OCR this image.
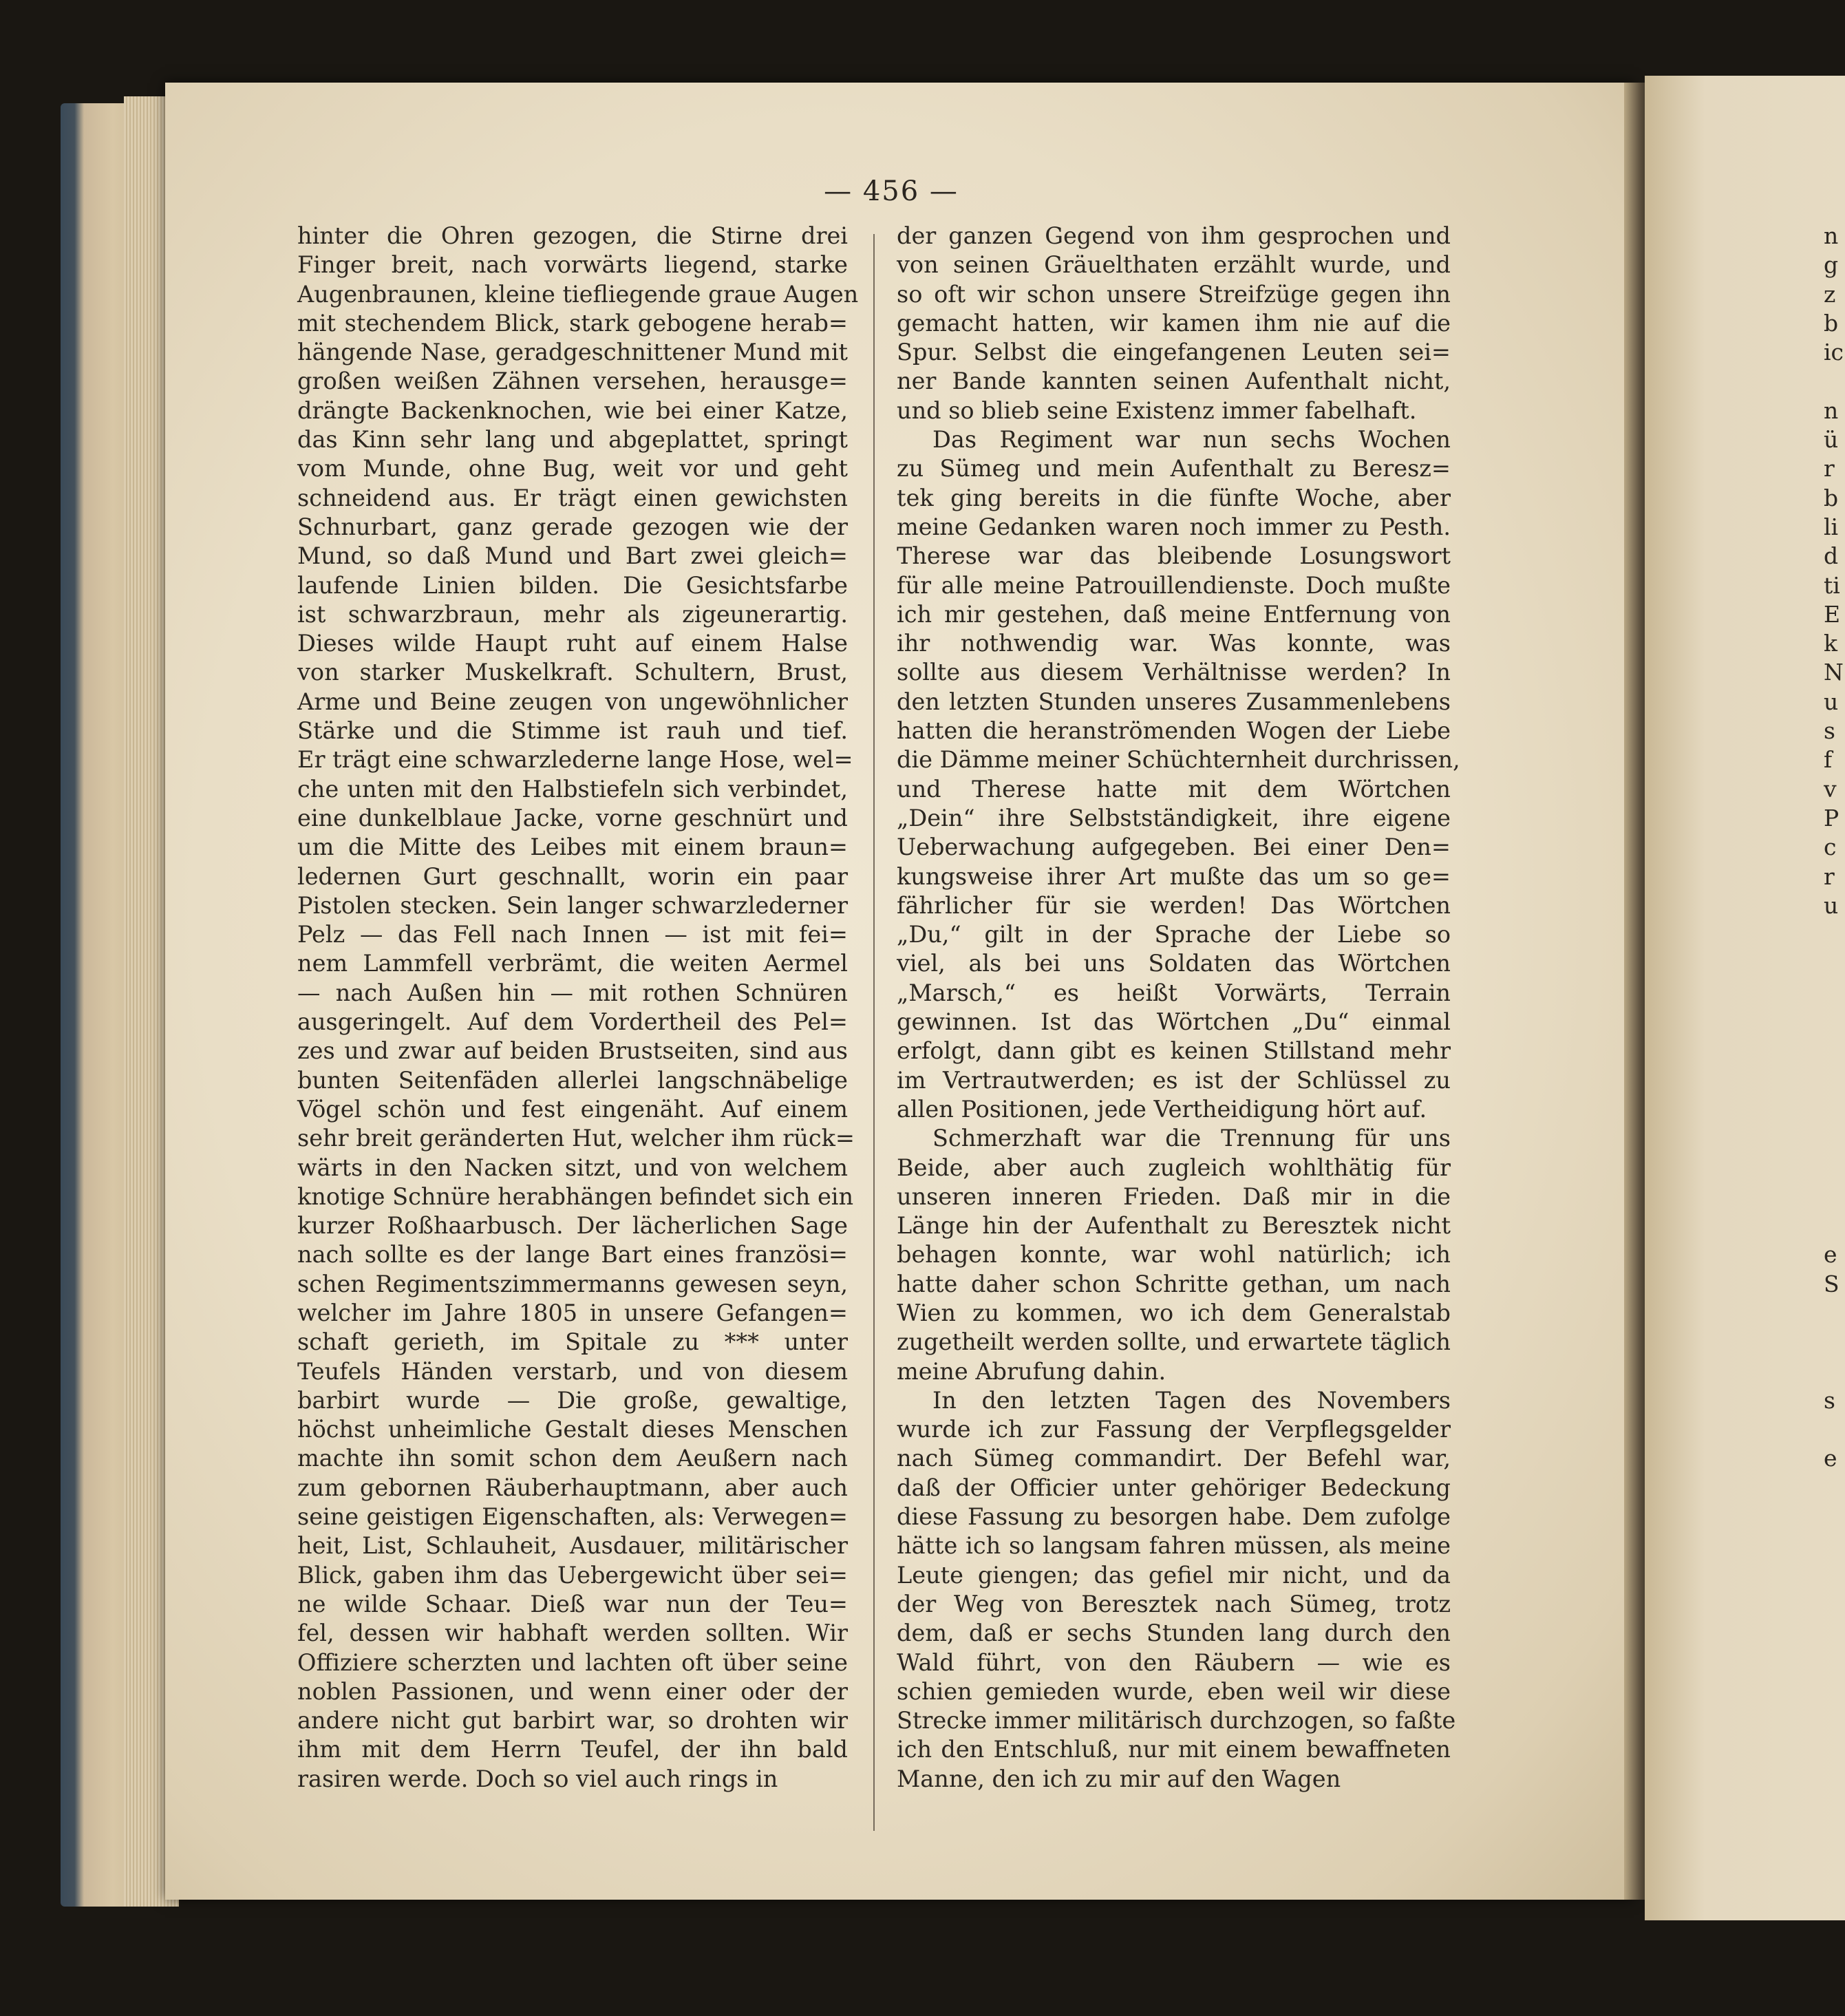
— 456 —
hinter die Ohren gezogen, die Stirne drei
Finger breit, nach vorwärts liegend, starke
Augenbraunen, kleine tiefliegende graue Augen
mit stechendem Blick, stark gebogene herab=
hängende Nase, geradgeschnittener Mund mit
großen weißen Zähnen versehen, herausge=
drängte Backenknochen, wie bei einer Katze,
das Kinn sehr lang und abgeplattet, springt
vom Munde, ohne Bug, weit vor und geht
schneidend aus. Er trägt einen gewichsten
Schnurbart, ganz gerade gezogen wie der
Mund, so daß Mund und Bart zwei gleich=
laufende Linien bilden. Die Gesichtsfarbe
ist schwarzbraun, mehr als zigeunerartig.
Dieses wilde Haupt ruht auf einem Halse
von starker Muskelkraft. Schultern, Brust,
Arme und Beine zeugen von ungewöhnlicher
Stärke und die Stimme ist rauh und tief.
Er trägt eine schwarzlederne lange Hose, wel=
che unten mit den Halbstiefeln sich verbindet,
eine dunkelblaue Jacke, vorne geschnürt und
um die Mitte des Leibes mit einem braun=
ledernen Gurt geschnallt, worin ein paar
Pistolen stecken. Sein langer schwarzlederner
Pelz — das Fell nach Innen — ist mit fei=
nem Lammfell verbrämt, die weiten Aermel
— nach Außen hin — mit rothen Schnüren
ausgeringelt. Auf dem Vordertheil des Pel=
zes und zwar auf beiden Brustseiten, sind aus
bunten Seitenfäden allerlei langschnäbelige
Vögel schön und fest eingenäht. Auf einem
sehr breit geränderten Hut, welcher ihm rück=
wärts in den Nacken sitzt, und von welchem
knotige Schnüre herabhängen befindet sich ein
kurzer Roßhaarbusch. Der lächerlichen Sage
nach sollte es der lange Bart eines französi=
schen Regimentszimmermanns gewesen seyn,
welcher im Jahre 1805 in unsere Gefangen=
schaft gerieth, im Spitale zu *** unter
Teufels Händen verstarb, und von diesem
barbirt wurde — Die große, gewaltige,
höchst unheimliche Gestalt dieses Menschen
machte ihn somit schon dem Aeußern nach
zum gebornen Räuberhauptmann, aber auch
seine geistigen Eigenschaften, als: Verwegen=
heit, List, Schlauheit, Ausdauer, militärischer
Blick, gaben ihm das Uebergewicht über sei=
ne wilde Schaar. Dieß war nun der Teu=
fel, dessen wir habhaft werden sollten. Wir
Offiziere scherzten und lachten oft über seine
noblen Passionen, und wenn einer oder der
andere nicht gut barbirt war, so drohten wir
ihm mit dem Herrn Teufel, der ihn bald
rasiren werde. Doch so viel auch rings in
der ganzen Gegend von ihm gesprochen und
von seinen Gräuelthaten erzählt wurde, und
so oft wir schon unsere Streifzüge gegen ihn
gemacht hatten, wir kamen ihm nie auf die
Spur. Selbst die eingefangenen Leuten sei=
ner Bande kannten seinen Aufenthalt nicht,
und so blieb seine Existenz immer fabelhaft.
Das Regiment war nun sechs Wochen
zu Sümeg und mein Aufenthalt zu Beresz=
tek ging bereits in die fünfte Woche, aber
meine Gedanken waren noch immer zu Pesth.
Therese war das bleibende Losungswort
für alle meine Patrouillendienste. Doch mußte
ich mir gestehen, daß meine Entfernung von
ihr nothwendig war. Was konnte, was
sollte aus diesem Verhältnisse werden? In
den letzten Stunden unseres Zusammenlebens
hatten die heranströmenden Wogen der Liebe
die Dämme meiner Schüchternheit durchrissen,
und Therese hatte mit dem Wörtchen
„Dein“ ihre Selbstständigkeit, ihre eigene
Ueberwachung aufgegeben. Bei einer Den=
kungsweise ihrer Art mußte das um so ge=
fährlicher für sie werden! Das Wörtchen
„Du,“ gilt in der Sprache der Liebe so
viel, als bei uns Soldaten das Wörtchen
„Marsch,“ es heißt Vorwärts, Terrain
gewinnen. Ist das Wörtchen „Du“ einmal
erfolgt, dann gibt es keinen Stillstand mehr
im Vertrautwerden; es ist der Schlüssel zu
allen Positionen, jede Vertheidigung hört auf.
Schmerzhaft war die Trennung für uns
Beide, aber auch zugleich wohlthätig für
unseren inneren Frieden. Daß mir in die
Länge hin der Aufenthalt zu Beresztek nicht
behagen konnte, war wohl natürlich; ich
hatte daher schon Schritte gethan, um nach
Wien zu kommen, wo ich dem Generalstab
zugetheilt werden sollte, und erwartete täglich
meine Abrufung dahin.
In den letzten Tagen des Novembers
wurde ich zur Fassung der Verpflegsgelder
nach Sümeg commandirt. Der Befehl war,
daß der Officier unter gehöriger Bedeckung
diese Fassung zu besorgen habe. Dem zufolge
hätte ich so langsam fahren müssen, als meine
Leute giengen; das gefiel mir nicht, und da
der Weg von Beresztek nach Sümeg, trotz
dem, daß er sechs Stunden lang durch den
Wald führt, von den Räubern — wie es
schien gemieden wurde, eben weil wir diese
Strecke immer militärisch durchzogen, so faßte
ich den Entschluß, nur mit einem bewaffneten
Manne, den ich zu mir auf den Wagen
n
g
z
b
ic
n
ü
r
b
li
d
ti
E
k
N
u
s
f
v
P
c
r
u
e
S
s
e
